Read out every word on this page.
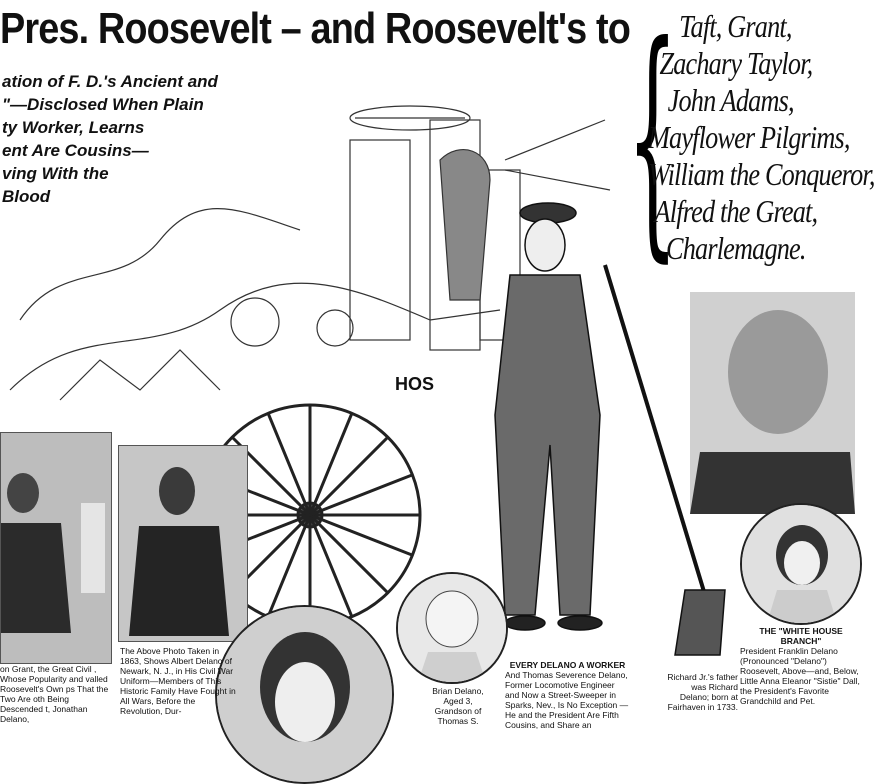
Pres. Roosevelt – and Roosevelt's to
ation of F. D.'s Ancient and
"—Disclosed When Plain
ty Worker, Learns
ent Are Cousins—
ving With the
Blood	{ Taft, Grant,
Zachary Taylor,
John Adams,
Mayflower Pilgrims,
William the Conqueror,
Alfred the Great,
Charlemagne.
HOS
on Grant, the Great Civil , Whose Popularity and valled Roosevelt's Own ps That the Two Are oth Being Descended t, Jonathan Delano,
The Above Photo Taken in 1863, Shows Albert Delano of Newark, N. J., in His Civil War Uniform—Members of This Historic Family Have Fought in All Wars, Before the Revolution, Dur-
Brian Delano, Aged 3, Grandson of Thomas S.
EVERY DELANO A WORKER
And Thomas Severence Delano, Former Locomotive Engineer and Now a Street-Sweeper in Sparks, Nev., Is No Exception —He and the President Are Fifth Cousins, and Share an
Richard Jr.'s father was Richard Delano; born at Fairhaven in 1733.
THE "WHITE HOUSE BRANCH"
President Franklin Delano (Pronounced "Delano") Roosevelt, Above—and, Below, Little Anna Eleanor "Sistie" Dall, the President's Favorite Grandchild and Pet.
